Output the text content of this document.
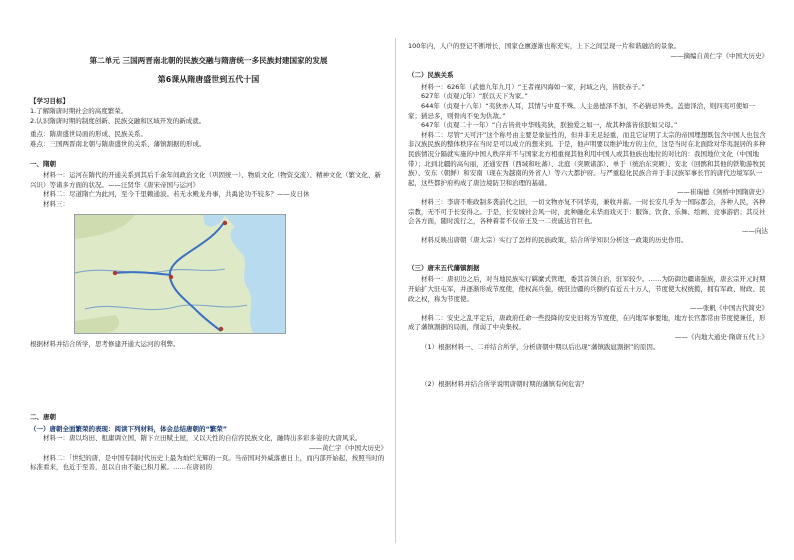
第二单元 三国两晋南北朝的民族交融与隋唐统一多民族封建国家的发展
第6课从隋唐盛世到五代十国
【学习目标】

1.了解隋唐时期社会的高度繁荣。

2.认识隋唐时期的制度创新、民族交融和区域开发的新成就。

重点：隋唐盛世局面的形成、民族关系。

难点：三国两晋南北朝与隋唐盛世的关系、藩镇割据的形成。

一、隋朝

材料一：运河在隋代的开通关系到其后千余年间政治文化（巩固统一）、物质文化（物资交流）、精神文化（繁文化、新兴识）等诸多方面的状况。——汪贤华《唐宋帝国与运河》

材料二：尽道隋亡为此河，至今千里赖通波。若无水殿龙舟事，共禹论功不较多？——皮日休

材料三：

根据材料并结合所学，思考修建开通大运河的利弊。

二、唐朝

（一）唐朝全面繁荣的表现：阅读下列材料，体会总结唐朝的“繁荣”

材料一：唐以均田、租庸调立国，隋下立田赋土屋，又以天性的自信容民族文化，融铸出多彩多姿的大唐风采。

——黄仁宇《中国大历史》

材料二：「世纪的唐，是中国专制时代历史上最为灿烂光辉的一页。当帝国对外威落惠日上，而内部开始起，按照当时的标准看来，也近于至善，虽以自由不能已积月累。……在唐初的

100年内，人户的登记不断增长，国家仓廪逐渐也称充实，上下之间呈现一片和谐融洽的景象。

——摘编自黄仁宇《中国大历史》

（二）民族关系

材料一：626年（武德九年九月）“王者视四海如一家，封域之内，皆朕赤子。”

627年（贞观元年）“朕以天下为家。”

644年（贞观十八年）“夷狄亦人耳，其情与中夏不殊。人主患德泽不加，不必猜忌异类。盖德泽洽，则四夷可使如一家；猜忌多，则骨肉不免为仇敌。”

647年（贞观二十一年）“自古皆贵中华贱夷狄，朕独爱之如一，故其种落皆依朕如父母。”

材料二：尽管“天可汗”这个称号由主要是象征性的，但并非无足轻重，而且它证明了太宗的帝国埋想既包含中国人也包含非汉族民族的整体秩序在当时是可以成立的想来到。于是，他声明要以维护地方的主位，这是当时在北面除对华夷混居的多种民族情况分隔就实施的中国人秩序并不与国家北方相重视其他利用中国人或其他族也地位的对比的：我国地位文化（中国地带）；北到北疆的高句丽，还通安西（西域和吐蕃）、北庭（突厥诸部）、单于（统治东突厥）、安北（回鹘和其他的铁勒游牧民族）、安东（朝鲜）和安南（现在为越南的外省人）等六大都护府。与严重稳化民族合并于非汉族军事长官的唐代边境军队一起，这些都护府构成了唐边境防卫和治理的基础。

——崔瑞德《剑桥中国隋唐史》

材料三：李唐不唯政制多袭前代之旧，一切文物亦复不同华夷，兼收并蓄。一时长安几乎为一国际都会，各种人民，各种宗教，无不可于长安得之。于是，长安城社会风一时，此种融化未华而戏灭于：服饰、饮食、乐舞、绘画、竞事游宿；其反社会各方面，随时流行之，各种着者不仅帝王及一二贵戚达官巨也。

——向达

材料反映出唐朝（唐太宗）实行了怎样的民族政策，结合所学知识分析这一政策的历史作用。

（三）唐末五代藩镇割据

材料一：唐初边之后，对当地民族实行羁縻式管理，委其首领自治，驻军较少。……为防御边疆诸强族，唐玄宗开元时期开始扩大驻屯军，并逐渐形成节度使，使权高兵强，统驻边疆的兵额约有近五十万人，节度使大权统揽，拥有军政、财政、民政之权，称为节度使。

——张帆《中国古代简史》

材料二：安史之乱平定后，唐政府任命一些投降的安史旧将为节度使，在内地军事要地，地方长官都常由节度使兼任，形成了藩镇割据的局面，削弱了中央集权。

——《内地大通史·隋唐五代上》

（1）根据材料一、二并结合所学，分析唐朝中期以后出现“藩镇跋扈割据”的原因。

（2）根据材料并结合所学说明唐朝时期的藩镇有何危害？
